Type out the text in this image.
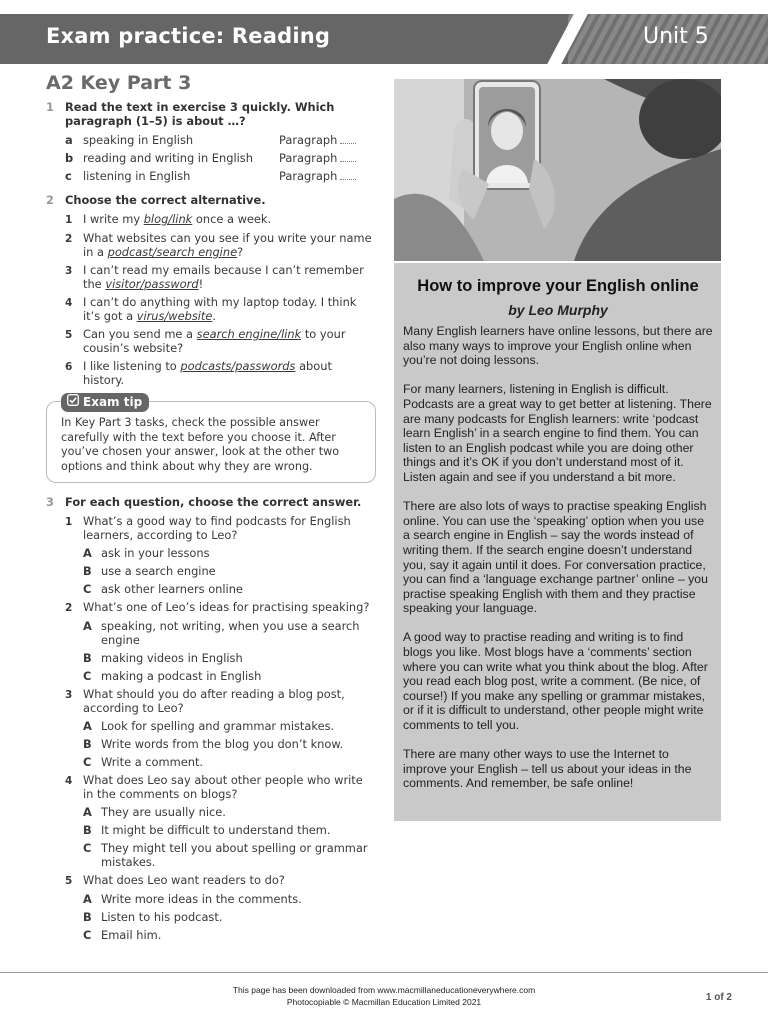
Exam practice: Reading	Unit 5
A2 Key Part 3
1 Read the text in exercise 3 quickly. Which paragraph (1–5) is about …?
a speaking in English	Paragraph
b reading and writing in English	Paragraph
c listening in English	Paragraph
2 Choose the correct alternative.
1 I write my blog/link once a week.
2 What websites can you see if you write your name in a podcast/search engine?
3 I can’t read my emails because I can’t remember the visitor/password!
4 I can’t do anything with my laptop today. I think it’s got a virus/website.
5 Can you send me a search engine/link to your cousin’s website?
6 I like listening to podcasts/passwords about history.
Exam tip
In Key Part 3 tasks, check the possible answer carefully with the text before you choose it. After you’ve chosen your answer, look at the other two options and think about why they are wrong.
3 For each question, choose the correct answer.
1 What’s a good way to find podcasts for English learners, according to Leo?
A ask in your lessons
B use a search engine
C ask other learners online
2 What’s one of Leo’s ideas for practising speaking?
A speaking, not writing, when you use a search engine
B making videos in English
C making a podcast in English
3 What should you do after reading a blog post, according to Leo?
A Look for spelling and grammar mistakes.
B Write words from the blog you don’t know.
C Write a comment.
4 What does Leo say about other people who write in the comments on blogs?
A They are usually nice.
B It might be difficult to understand them.
C They might tell you about spelling or grammar mistakes.
5 What does Leo want readers to do?
A Write more ideas in the comments.
B Listen to his podcast.
C Email him.
How to improve your English online
by Leo Murphy

Many English learners have online lessons, but there are also many ways to improve your English online when you’re not doing lessons.

For many learners, listening in English is difficult. Podcasts are a great way to get better at listening. There are many podcasts for English learners: write ‘podcast learn English’ in a search engine to find them. You can listen to an English podcast while you are doing other things and it’s OK if you don’t understand most of it. Listen again and see if you understand a bit more.

There are also lots of ways to practise speaking English online. You can use the ‘speaking’ option when you use a search engine in English – say the words instead of writing them. If the search engine doesn’t understand you, say it again until it does. For conversation practice, you can find a ‘language exchange partner’ online – you practise speaking English with them and they practise speaking your language.

A good way to practise reading and writing is to find blogs you like. Most blogs have a ‘comments’ section where you can write what you think about the blog. After you read each blog post, write a comment. (Be nice, of course!) If you make any spelling or grammar mistakes, or if it is difficult to understand, other people might write comments to tell you.

There are many other ways to use the Internet to improve your English – tell us about your ideas in the comments. And remember, be safe online!

This page has been downloaded from www.macmillaneducationeverywhere.com
Photocopiable © Macmillan Education Limited 2021	1 of 2
